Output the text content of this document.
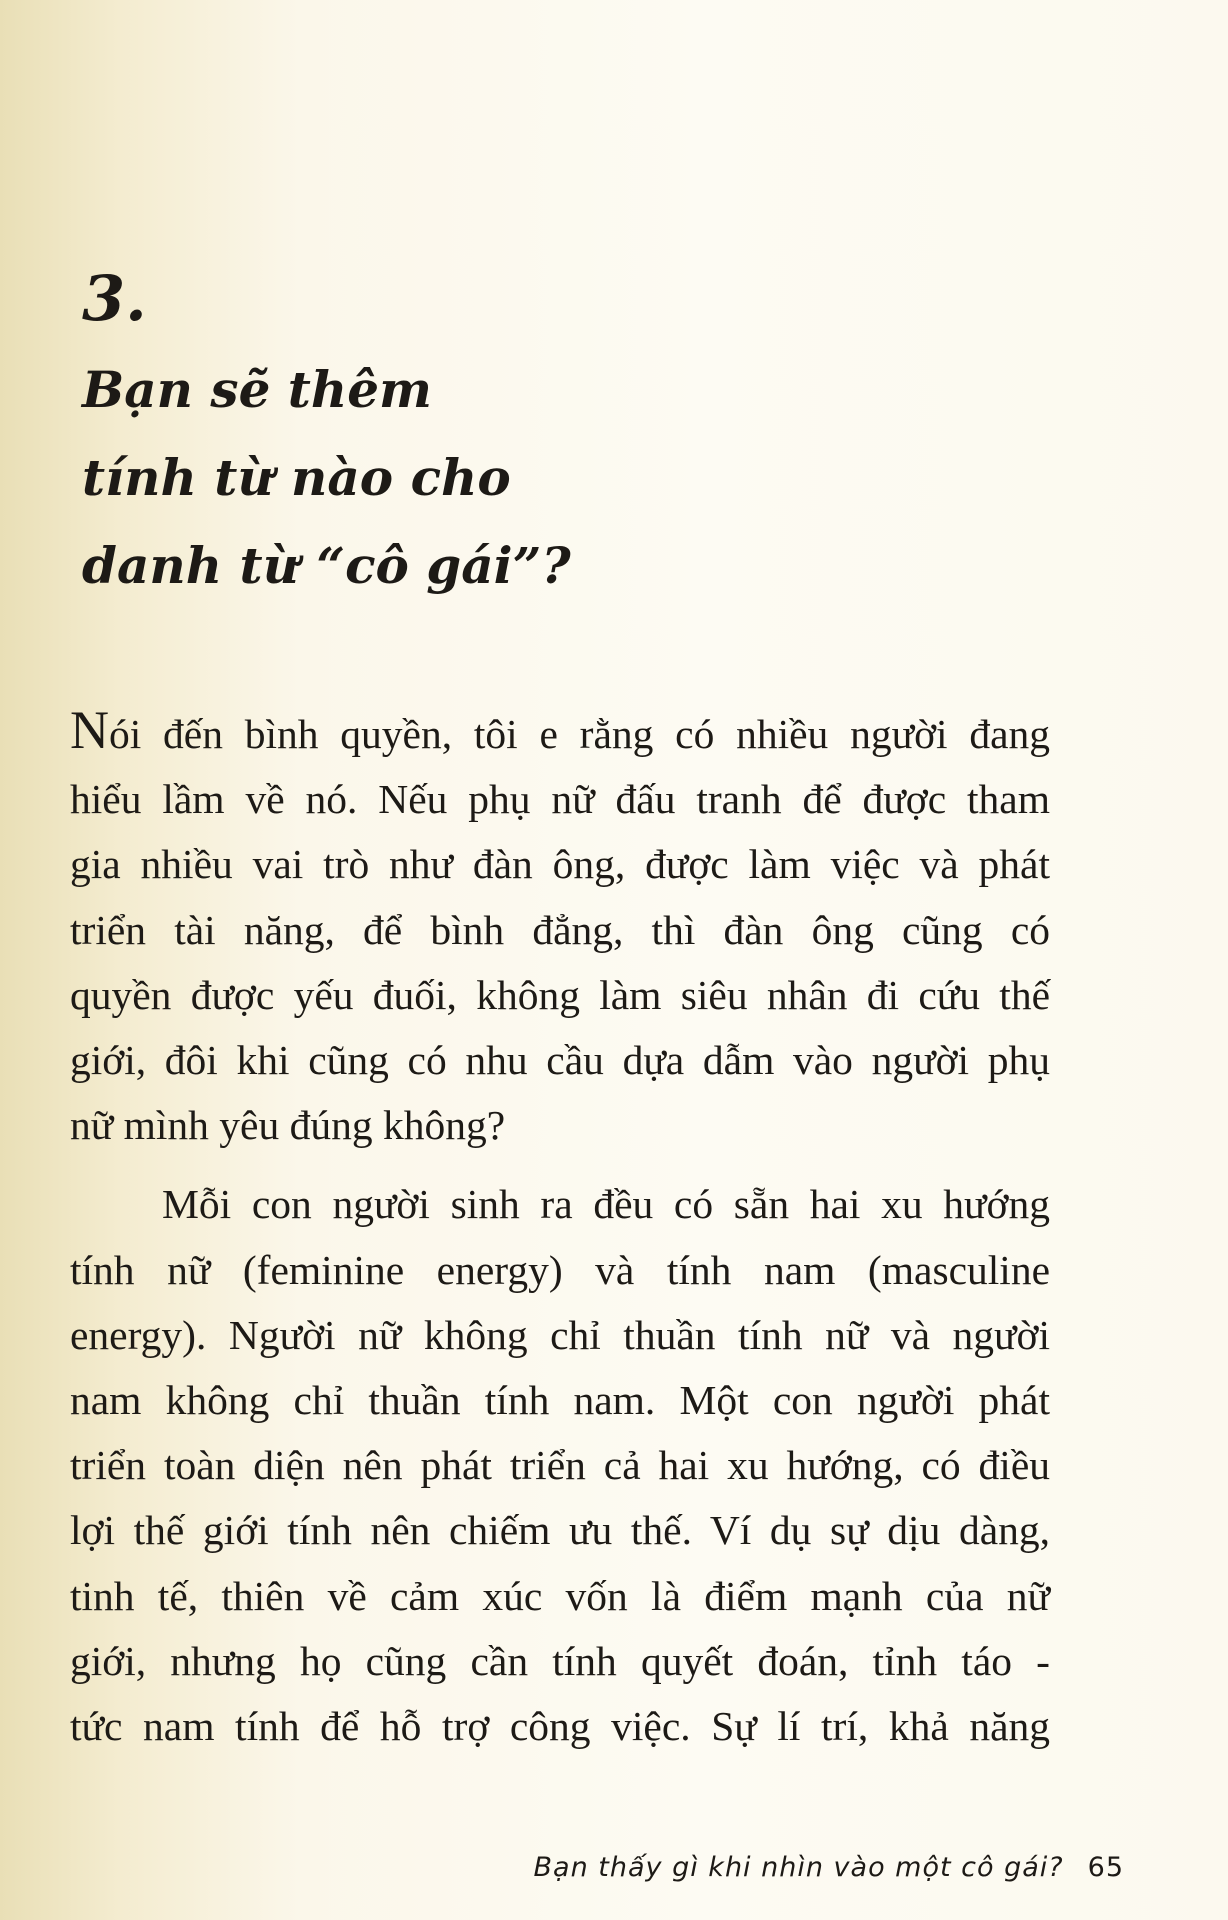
3.
Bạn sẽ thêm
tính từ nào cho
danh từ “cô gái”?

Nói đến bình quyền, tôi e rằng có nhiều người đang
hiểu lầm về nó. Nếu phụ nữ đấu tranh để được tham
gia nhiều vai trò như đàn ông, được làm việc và phát
triển tài năng, để bình đẳng, thì đàn ông cũng có
quyền được yếu đuối, không làm siêu nhân đi cứu thế
giới, đôi khi cũng có nhu cầu dựa dẫm vào người phụ
nữ mình yêu đúng không?

Mỗi con người sinh ra đều có sẵn hai xu hướng
tính nữ (feminine energy) và tính nam (masculine
energy). Người nữ không chỉ thuần tính nữ và người
nam không chỉ thuần tính nam. Một con người phát
triển toàn diện nên phát triển cả hai xu hướng, có điều
lợi thế giới tính nên chiếm ưu thế. Ví dụ sự dịu dàng,
tinh tế, thiên về cảm xúc vốn là điểm mạnh của nữ
giới, nhưng họ cũng cần tính quyết đoán, tỉnh táo -
tức nam tính để hỗ trợ công việc. Sự lí trí, khả năng

Bạn thấy gì khi nhìn vào một cô gái? 65
